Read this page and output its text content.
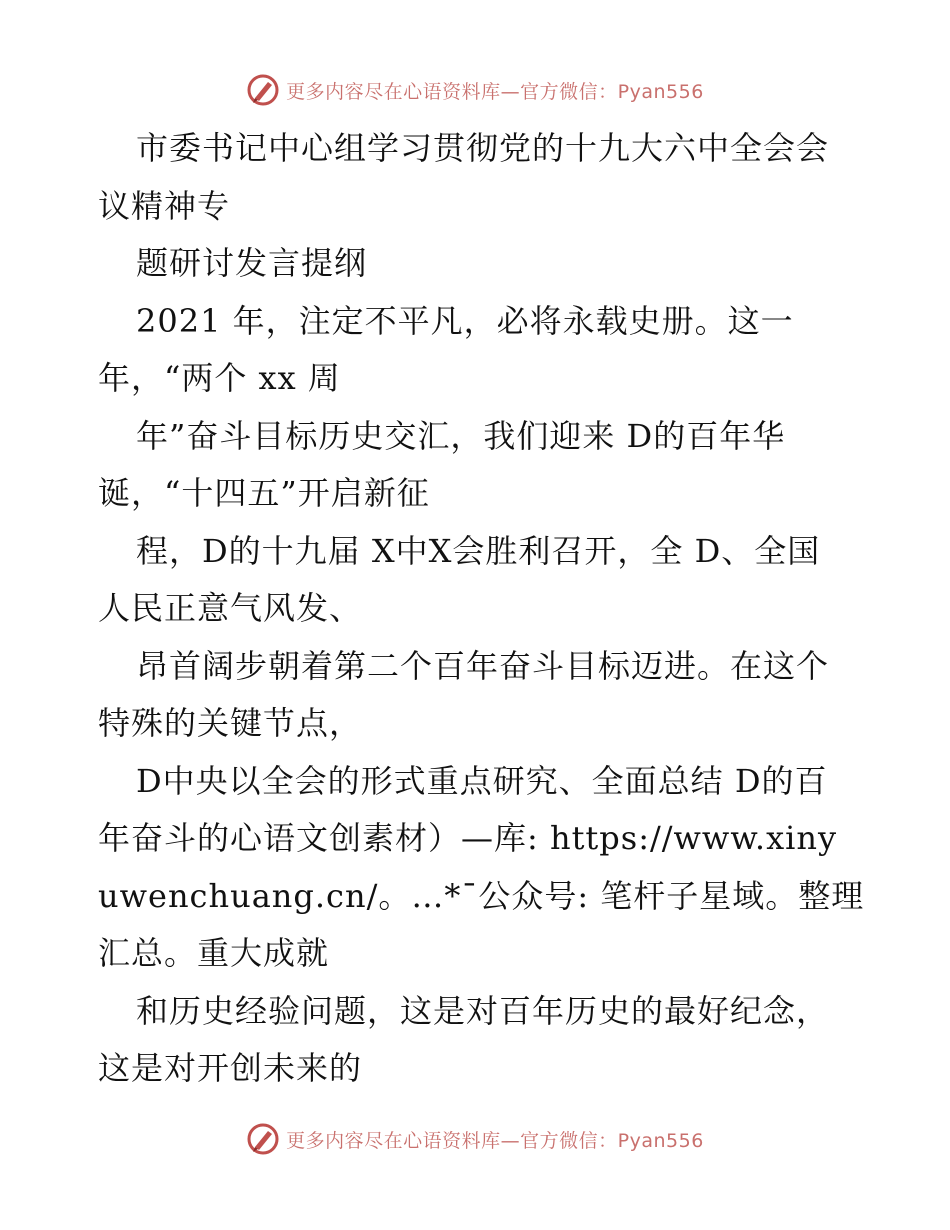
更多内容尽在心语资料库—官方微信：Pyan556
市委书记中心组学习贯彻党的十九大六中全会会
议精神专
题研讨发言提纲
2021 年，注定不平凡，必将永载史册。这一
年，“两个 xx 周
年”奋斗目标历史交汇，我们迎来 D的百年华
诞，“十四五”开启新征
程，D的十九届 X中X会胜利召开，全 D、全国
人民正意气风发、
昂首阔步朝着第二个百年奋斗目标迈进。在这个
特殊的关键节点，
D中央以全会的形式重点研究、全面总结 D的百
年奋斗的心语文创素材）—库: https://www.xiny
uwenchuang.cn/。…*¯公众号: 笔杆子星域。整理
汇总。重大成就
和历史经验问题，这是对百年历史的最好纪念，
这是对开创未来的
更多内容尽在心语资料库—官方微信：Pyan556
